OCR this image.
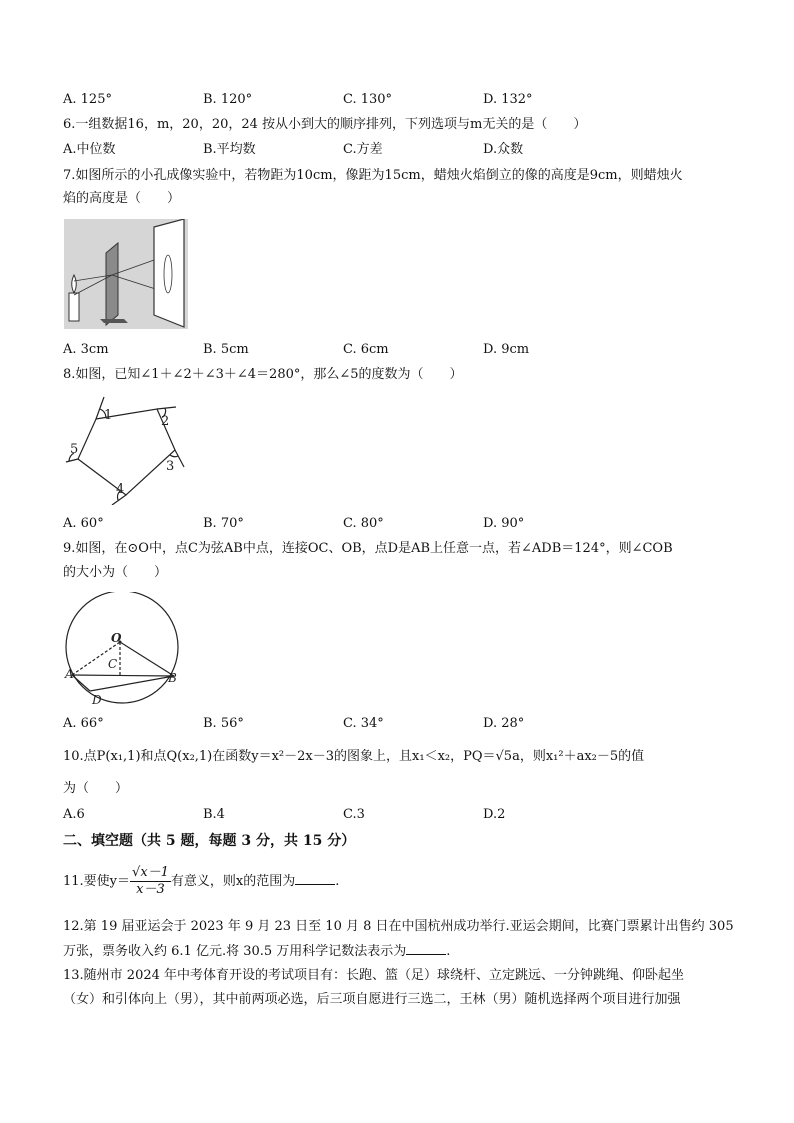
A. 125°	B. 120°	C. 130°	D. 132°
6.一组数据16，m，20，20，24 按从小到大的顺序排列，下列选项与m无关的是（　　）
A.中位数	B.平均数	C.方差	D.众数
7.如图所示的小孔成像实验中，若物距为10cm，像距为15cm，蜡烛火焰倒立的像的高度是9cm，则蜡烛火
焰的高度是（　　）
A. 3cm	B. 5cm	C. 6cm	D. 9cm
8.如图，已知∠1＋∠2＋∠3＋∠4＝280°，那么∠5的度数为（　　）
1	2
3
4
5
A. 60°	B. 70°	C. 80°	D. 90°
9.如图，在⊙O中，点C为弦AB中点，连接OC、OB，点D是AB上任意一点，若∠ADB＝124°，则∠COB
的大小为（　　）
O
C
A	B
D
A. 66°	B. 56°	C. 34°	D. 28°
10.点P(x₁,1)和点Q(x₂,1)在函数y＝x²－2x－3的图象上，且x₁＜x₂，PQ＝√5a，则x₁²＋ax₂－5的值
为（　　）
A.6	B.4	C.3	D.2
二、填空题（共 5 题，每题 3 分，共 15 分）
11.要使$y= \frac{√x-1}{x-3}$ 有意义，则x的范围为	.
12.第 19 届亚运会于 2023 年 9 月 23 日至 10 月 8 日在中国杭州成功举行.亚运会期间，比赛门票累计出售约 305
万张，票务收入约 6.1 亿元.将 30.5 万用科学记数法表示为	.
13.随州市 2024 年中考体育开设的考试项目有：长跑、篮（足）球绕杆、立定跳远、一分钟跳绳、仰卧起坐
（女）和引体向上（男），其中前两项必选，后三项自愿进行三选二，王林（男）随机选择两个项目进行加强
